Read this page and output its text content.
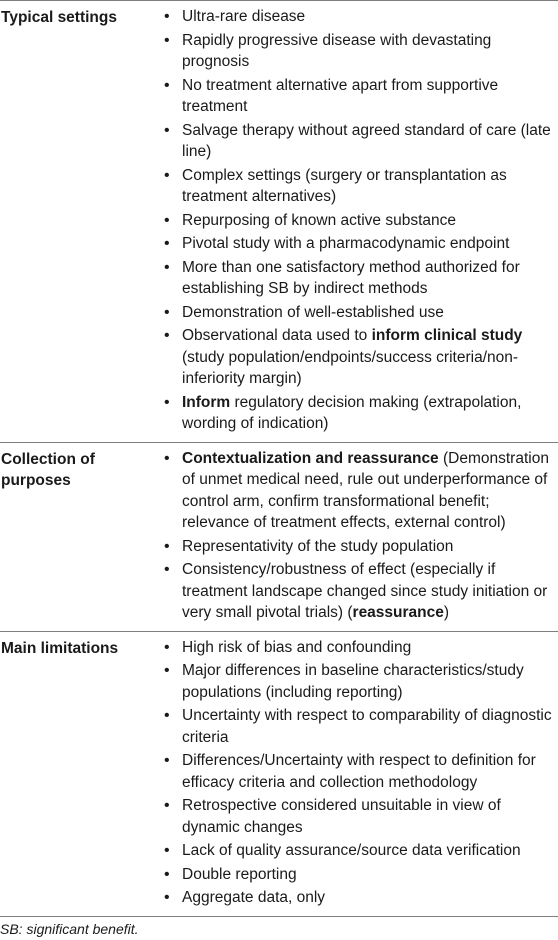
Typical settings	• Ultra-rare disease
• Rapidly progressive disease with devastating prognosis
• No treatment alternative apart from supportive treatment
• Salvage therapy without agreed standard of care (late line)
• Complex settings (surgery or transplantation as treatment alternatives)
• Repurposing of known active substance
• Pivotal study with a pharmacodynamic endpoint
• More than one satisfactory method authorized for establishing SB by indirect methods
• Demonstration of well-established use
• Observational data used to inform clinical study (study population/endpoints/success criteria/non-inferiority margin)
• Inform regulatory decision making (extrapolation, wording of indication)
Collection of purposes
• Contextualization and reassurance (Demonstration of unmet medical need, rule out underperformance of control arm, confirm transformational benefit; relevance of treatment effects, external control)
• Representativity of the study population
• Consistency/robustness of effect (especially if treatment landscape changed since study initiation or very small pivotal trials) (reassurance)
Main limitations	• High risk of bias and confounding
• Major differences in baseline characteristics/study populations (including reporting)
• Uncertainty with respect to comparability of diagnostic criteria
• Differences/Uncertainty with respect to definition for efficacy criteria and collection methodology
• Retrospective considered unsuitable in view of dynamic changes
• Lack of quality assurance/source data verification
• Double reporting
• Aggregate data, only
SB: significant benefit.
